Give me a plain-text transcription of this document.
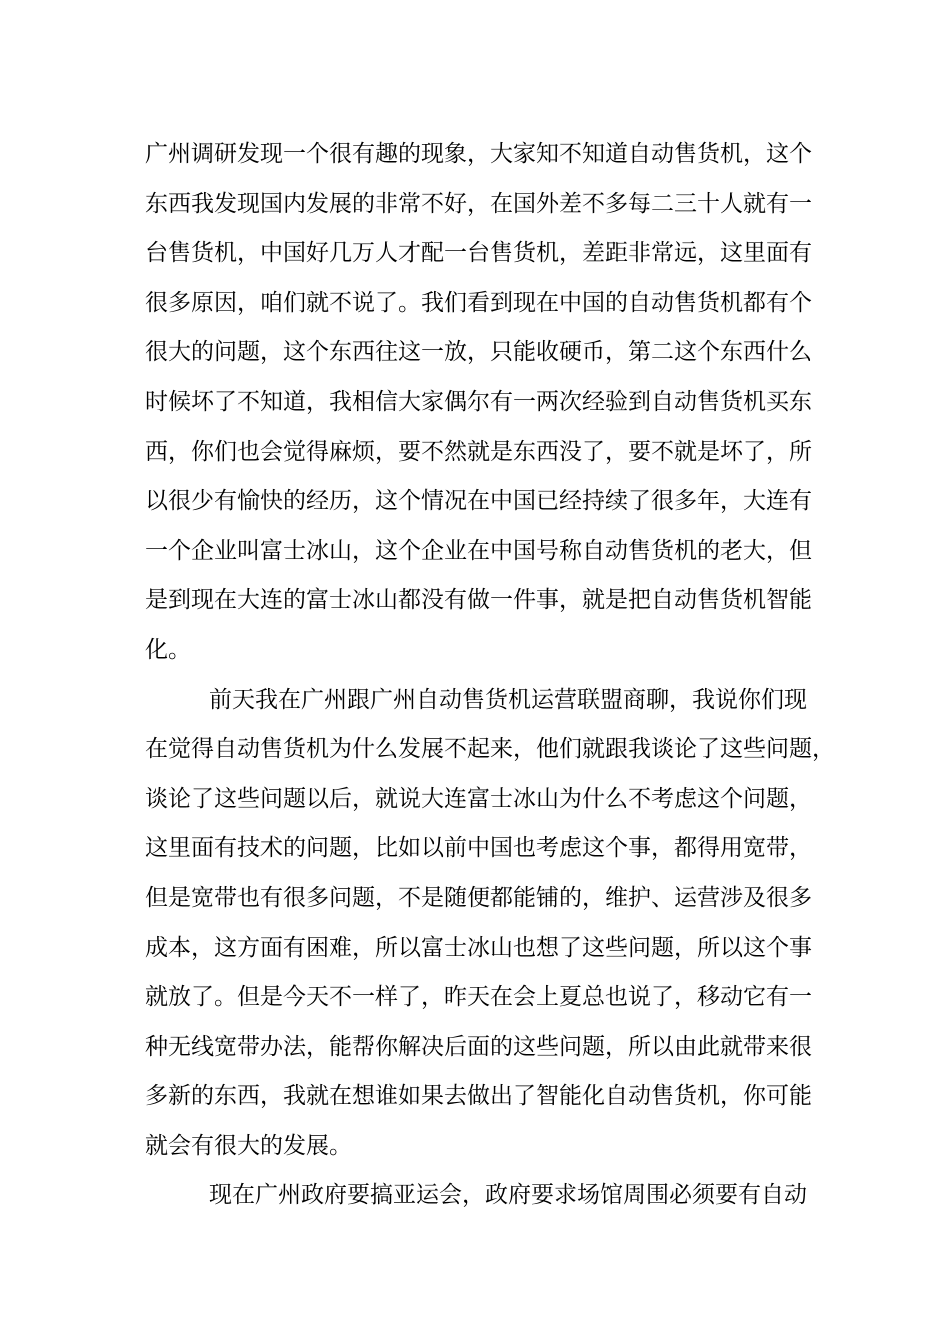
广州调研发现一个很有趣的现象，大家知不知道自动售货机，这个
东西我发现国内发展的非常不好，在国外差不多每二三十人就有一
台售货机，中国好几万人才配一台售货机，差距非常远，这里面有
很多原因，咱们就不说了。我们看到现在中国的自动售货机都有个
很大的问题，这个东西往这一放，只能收硬币，第二这个东西什么
时候坏了不知道，我相信大家偶尔有一两次经验到自动售货机买东
西，你们也会觉得麻烦，要不然就是东西没了，要不就是坏了，所
以很少有愉快的经历，这个情况在中国已经持续了很多年，大连有
一个企业叫富士冰山，这个企业在中国号称自动售货机的老大，但
是到现在大连的富士冰山都没有做一件事，就是把自动售货机智能
化。
前天我在广州跟广州自动售货机运营联盟商聊，我说你们现
在觉得自动售货机为什么发展不起来，他们就跟我谈论了这些问题，
谈论了这些问题以后，就说大连富士冰山为什么不考虑这个问题，
这里面有技术的问题，比如以前中国也考虑这个事，都得用宽带，
但是宽带也有很多问题，不是随便都能铺的，维护、运营涉及很多
成本，这方面有困难，所以富士冰山也想了这些问题，所以这个事
就放了。但是今天不一样了，昨天在会上夏总也说了，移动它有一
种无线宽带办法，能帮你解决后面的这些问题，所以由此就带来很
多新的东西，我就在想谁如果去做出了智能化自动售货机，你可能
就会有很大的发展。
现在广州政府要搞亚运会，政府要求场馆周围必须要有自动
